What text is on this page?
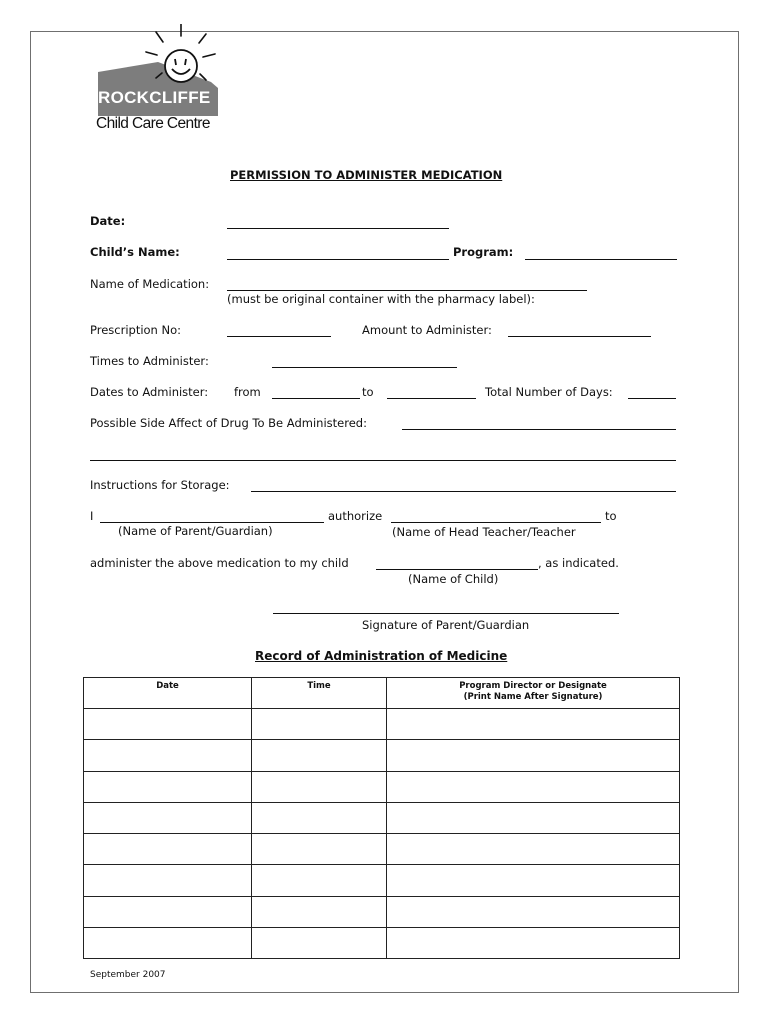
ROCKCLIFFE
Child Care Centre
PERMISSION TO ADMINISTER MEDICATION
Date:
Child’s Name:	Program:
Name of Medication:
(must be original container with the pharmacy label):
Prescription No:	Amount to Administer:
Times to Administer:
Dates to Administer: from	to	Total Number of Days:
Possible Side Affect of Drug To Be Administered:
Instructions for Storage:
I	authorize	to
(Name of Parent/Guardian)	(Name of Head Teacher/Teacher
administer the above medication to my child	, as indicated.
(Name of Child)
Signature of Parent/Guardian
Record of Administration of Medicine
Date	Time	Program Director or Designate
(Print Name After Signature)

September 2007
